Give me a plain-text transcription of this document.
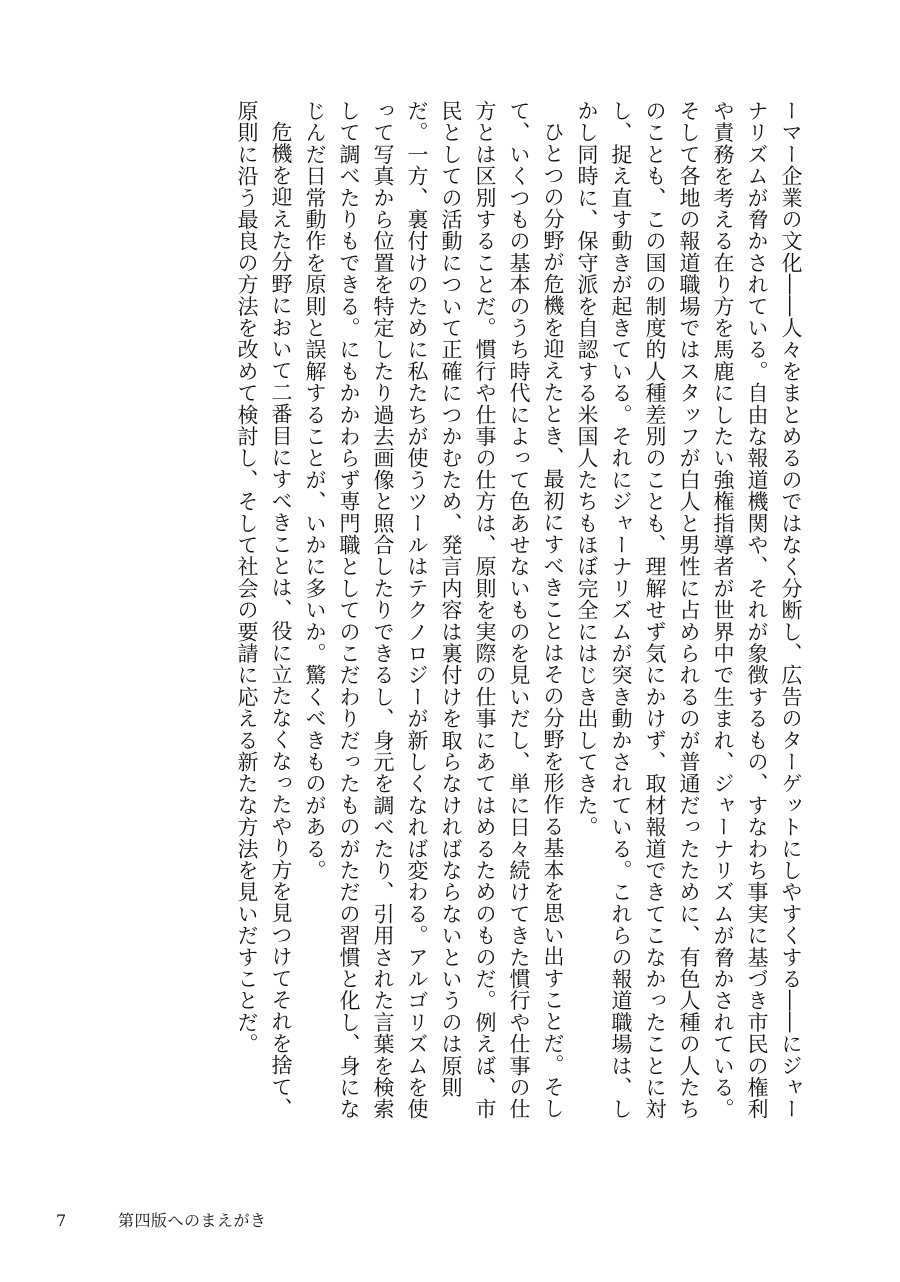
ーマー企業の文化――人々をまとめるのではなく分断し、広告のターゲットにしやすくする――にジャーナリズムが脅かされている。自由な報道機関や、それが象徴するもの、すなわち事実に基づき市民の権利や責務を考える在り方を馬鹿にしたい強権指導者が世界中で生まれ、ジャーナリズムが脅かされている。そして各地の報道職場ではスタッフが白人と男性に占められるのが普通だったために、有色人種の人たちのことも、この国の制度的人種差別のことも、理解せず気にかけず、取材報道できてこなかったことに対し、捉え直す動きが起きている。それにジャーナリズムが突き動かされている。これらの報道職場は、しかし同時に、保守派を自認する米国人たちもほぼ完全にはじき出してきた。

ひとつの分野が危機を迎えたとき、最初にすべきことはその分野を形作る基本を思い出すことだ。そして、いくつもの基本のうち時代によって色あせないものを見いだし、単に日々続けてきた慣行や仕事の仕方とは区別することだ。慣行や仕事の仕方は、原則を実際の仕事にあてはめるためのものだ。例えば、市民としての活動について正確につかむため、発言内容は裏付けを取らなければならないというのは原則だ。一方、裏付けのために私たちが使うツールはテクノロジーが新しくなれば変わる。アルゴリズムを使って写真から位置を特定したり過去画像と照合したりできるし、身元を調べたり、引用された言葉を検索して調べたりもできる。にもかかわらず専門職としてのこだわりだったものがただの習慣と化し、身になじんだ日常動作を原則と誤解することが、いかに多いか。驚くべきものがある。

危機を迎えた分野において二番目にすべきことは、役に立たなくなったやり方を見つけてそれを捨て、原則に沿う最良の方法を改めて検討し、そして社会の要請に応える新たな方法を見いだすことだ。

7	第四版へのまえがき
